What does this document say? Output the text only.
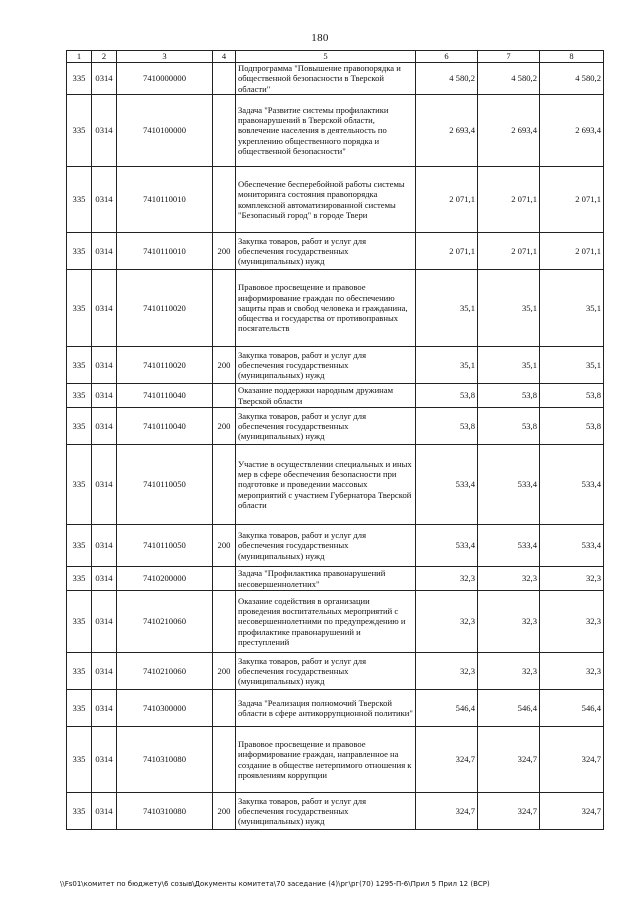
180
1	2	3	4	5	6	7	8
335	0314	7410000000		Подпрограмма "Повышение правопорядка и общественной безопасности в Тверской области"	4 580,2	4 580,2	4 580,2
335	0314	7410100000		Задача "Развитие системы профилактики правонарушений в Тверской области, вовлечение населения в деятельность по укреплению общественного порядка и общественной безопасности"	2 693,4	2 693,4	2 693,4
335	0314	7410110010		Обеспечение бесперебойной работы системы мониторинга состояния правопорядка комплексной автоматизированной системы "Безопасный город" в городе Твери	2 071,1	2 071,1	2 071,1
335	0314	7410110010	200	Закупка товаров, работ и услуг для обеспечения государственных (муниципальных) нужд	2 071,1	2 071,1	2 071,1
335	0314	7410110020		Правовое просвещение и правовое информирование граждан по обеспечению защиты прав и свобод человека и гражданина, общества и государства от противоправных посягательств	35,1	35,1	35,1
335	0314	7410110020	200	Закупка товаров, работ и услуг для обеспечения государственных (муниципальных) нужд	35,1	35,1	35,1
335	0314	7410110040		Оказание поддержки народным дружинам Тверской области	53,8	53,8	53,8
335	0314	7410110040	200	Закупка товаров, работ и услуг для обеспечения государственных (муниципальных) нужд	53,8	53,8	53,8
335	0314	7410110050		Участие в осуществлении специальных и иных мер в сфере обеспечения безопасности при подготовке и проведении массовых мероприятий с участием Губернатора Тверской области	533,4	533,4	533,4
335	0314	7410110050	200	Закупка товаров, работ и услуг для обеспечения государственных (муниципальных) нужд	533,4	533,4	533,4
335	0314	7410200000		Задача "Профилактика правонарушений несовершеннолетних"	32,3	32,3	32,3
335	0314	7410210060		Оказание содействия в организации проведения воспитательных мероприятий с несовершеннолетними по предупреждению и профилактике правонарушений и преступлений	32,3	32,3	32,3
335	0314	7410210060	200	Закупка товаров, работ и услуг для обеспечения государственных (муниципальных) нужд	32,3	32,3	32,3
335	0314	7410300000		Задача "Реализация полномочий Тверской области в сфере антикоррупционной политики"	546,4	546,4	546,4
335	0314	7410310080		Правовое просвещение и правовое информирование граждан, направленное на создание в обществе нетерпимого отношения к проявлениям коррупции	324,7	324,7	324,7
335	0314	7410310080	200	Закупка товаров, работ и услуг для обеспечения государственных (муниципальных) нужд	324,7	324,7	324,7
\\Fs01\комитет по бюджету\6 созыв\Документы комитета\70 заседание (4)\рг\рг(70) 1295-П-6\Прил 5 Прил 12 (ВСР)
